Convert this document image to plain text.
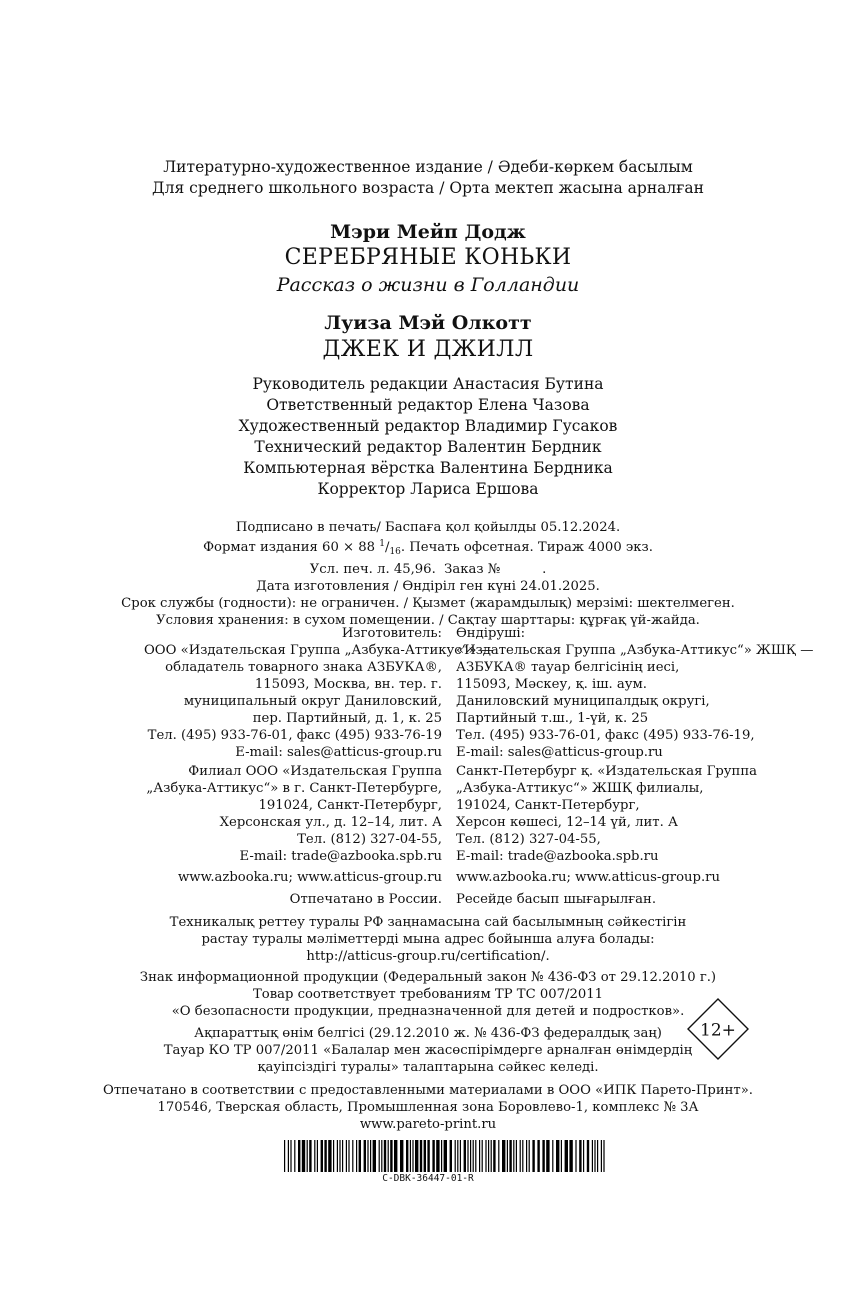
Литературно-художественное издание / Әдеби-көркем басылым
Для среднего школьного возраста / Орта мектеп жасына арналған
Мэри Мейп Додж
СЕРЕБРЯНЫЕ КОНЬКИ
Рассказ о жизни в Голландии
Луиза Мэй Олкотт
ДЖЕК И ДЖИЛЛ
Руководитель редакции Анастасия Бутина
Ответственный редактор Елена Чазова
Художественный редактор Владимир Гусаков
Технический редактор Валентин Бердник
Компьютерная вёрстка Валентина Бердника
Корректор Лариса Ершова
Подписано в печать/ Баспаға қол қойылды 05.12.2024.
Формат издания 60 × 88 $^1/_{16}$. Печать офсетная. Тираж 4000 экз.
Усл. печ. л. 45,96.  Заказ №          .
Дата изготовления / Өндіріл ген күні 24.01.2025.
Срок службы (годности): не ограничен. / Қызмет (жарамдылық) мерзімі: шектелмеген.
Условия хранения: в сухом помещении. / Сақтау шарттары: құрғақ үй-жайда.
Изготовитель:
ООО «Издательская Группа „Азбука-Аттикус“» —
обладатель товарного знака АЗБУКА®,
115093, Москва, вн. тер. г.
муниципальный округ Даниловский,
пер. Партийный, д. 1, к. 25
Тел. (495) 933-76-01, факс (495) 933-76-19
E-mail: sales@atticus-group.ru
Өндіруші:
«Издательская Группа „Азбука-Аттикус“» ЖШҚ —
АЗБУКА® тауар белгісінің иесі,
115093, Мәскеу, қ. іш. аум.
Даниловский муниципалдық округі,
Партийный т.ш., 1-үй, к. 25
Тел. (495) 933-76-01, факс (495) 933-76-19,
E-mail: sales@atticus-group.ru
Филиал ООО «Издательская Группа
„Азбука-Аттикус“» в г. Санкт-Петербурге,
191024, Санкт-Петербург,
Херсонская ул., д. 12–14, лит. А
Тел. (812) 327-04-55,
E-mail: trade@azbooka.spb.ru
Санкт-Петербург қ. «Издательская Группа
„Азбука-Аттикус“» ЖШҚ филиалы,
191024, Санкт-Петербург,
Херсон көшесі, 12–14 үй, лит. А
Тел. (812) 327-04-55,
E-mail: trade@azbooka.spb.ru
www.azbooka.ru; www.atticus-group.ru www.azbooka.ru; www.atticus-group.ru
Отпечатано в России. Ресейде басып шығарылған.
Техникалық реттеу туралы РФ заңнамасына сай басылымның сәйкестігін
растау туралы мәліметтерді мына адрес бойынша алуға болады:
http://atticus-group.ru/certification/.
Знак информационной продукции (Федеральный закон № 436-ФЗ от 29.12.2010 г.)
Товар соответствует требованиям ТР ТС 007/2011
«О безопасности продукции, предназначенной для детей и подростков».
Ақпараттық өнім белгісі (29.12.2010 ж. № 436-ФЗ федералдық заң)
Тауар КО ТР 007/2011 «Балалар мен жасөспірімдерге арналған өнімдердің
қауіпсіздігі туралы» талаптарына сәйкес келеді.
12+
Отпечатано в соответствии с предоставленными материалами в ООО «ИПК Парето-Принт».
170546, Тверская область, Промышленная зона Боровлево-1, комплекс № 3А
www.pareto-print.ru
C-DBK-36447-01-R
